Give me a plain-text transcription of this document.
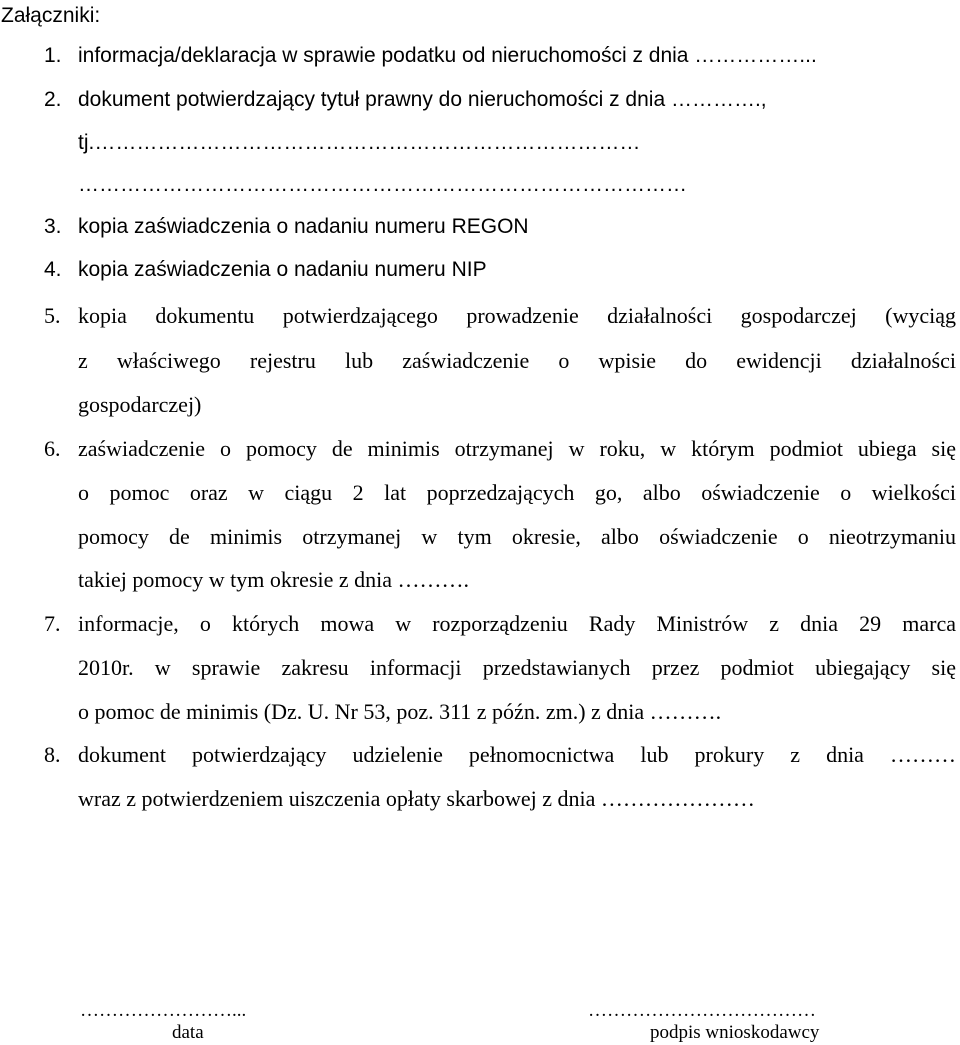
Załączniki:
1. informacja/deklaracja w sprawie podatku od nieruchomości z dnia ……………...
2. dokument potwierdzający tytuł prawny do nieruchomości z dnia ………….,
tj.……………………………………………………………………
……………………………………………………………………………
3. kopia zaświadczenia o nadaniu numeru REGON
4. kopia zaświadczenia o nadaniu numeru NIP
5. kopia dokumentu potwierdzającego prowadzenie działalności gospodarczej (wyciąg
z właściwego rejestru lub zaświadczenie o wpisie do ewidencji działalności
gospodarczej)
6. zaświadczenie o pomocy de minimis otrzymanej w roku, w którym podmiot ubiega się
o pomoc oraz w ciągu 2 lat poprzedzających go, albo oświadczenie o wielkości
pomocy de minimis otrzymanej w tym okresie, albo oświadczenie o nieotrzymaniu
takiej pomocy w tym okresie z dnia ……….
7. informacje, o których mowa w rozporządzeniu Rady Ministrów z dnia 29 marca
2010r. w sprawie zakresu informacji przedstawianych przez podmiot ubiegający się
o pomoc de minimis (Dz. U. Nr 53, poz. 311 z późn. zm.) z dnia ……….
8. dokument potwierdzający udzielenie pełnomocnictwa lub prokury z dnia ………
wraz z potwierdzeniem uiszczenia opłaty skarbowej z dnia …………………
……………………...
data
………………………………
podpis wnioskodawcy
